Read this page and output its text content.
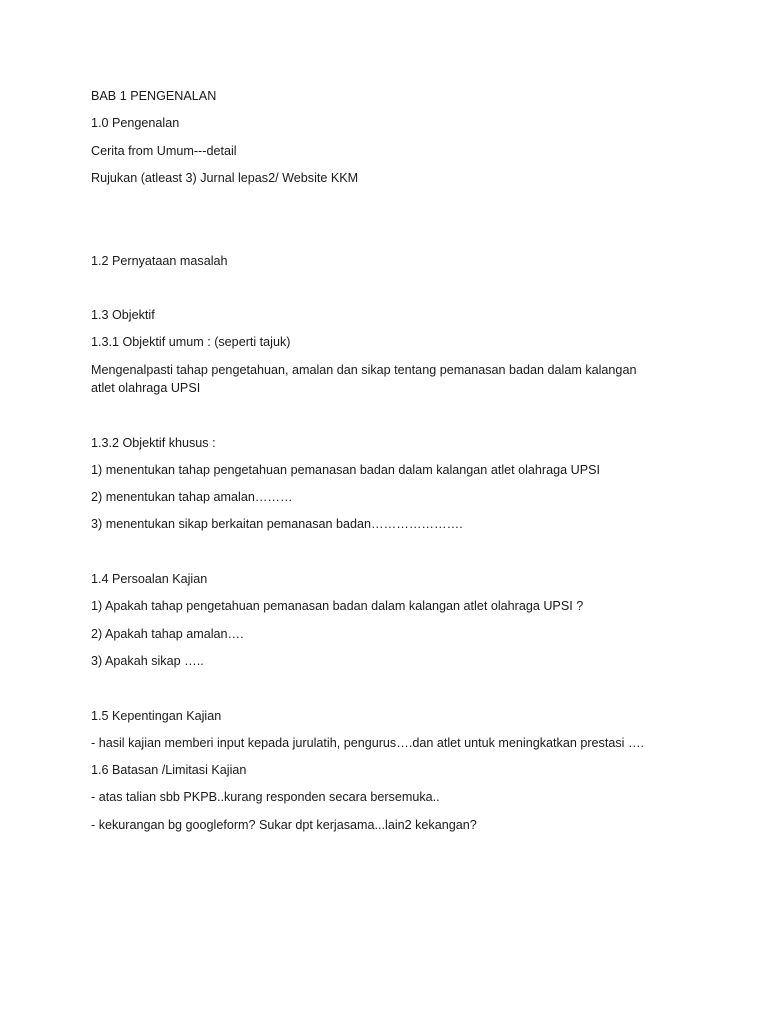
BAB 1 PENGENALAN
1.0 Pengenalan
Cerita from Umum---detail
Rujukan (atleast 3) Jurnal lepas2/ Website KKM
1.2 Pernyataan masalah
1.3 Objektif
1.3.1 Objektif umum : (seperti tajuk)
Mengenalpasti tahap pengetahuan, amalan dan sikap tentang pemanasan badan dalam kalangan
atlet olahraga UPSI
1.3.2 Objektif khusus :
1) menentukan tahap pengetahuan pemanasan badan dalam kalangan atlet olahraga UPSI
2) menentukan tahap amalan………
3) menentukan sikap berkaitan pemanasan badan………………….
1.4 Persoalan Kajian
1) Apakah tahap pengetahuan pemanasan badan dalam kalangan atlet olahraga UPSI ?
2) Apakah tahap amalan….
3) Apakah sikap …..
1.5 Kepentingan Kajian
- hasil kajian memberi input kepada jurulatih, pengurus….dan atlet untuk meningkatkan prestasi ….
1.6 Batasan /Limitasi Kajian
- atas talian sbb PKPB..kurang responden secara bersemuka..
- kekurangan bg googleform? Sukar dpt kerjasama...lain2 kekangan?
